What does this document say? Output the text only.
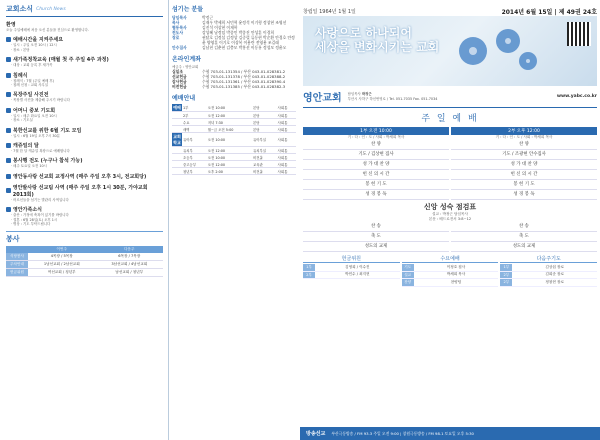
교회소식 Church News
환영
오늘 주일예배에 처음 오신 분들을 진심으로 환영합니다.
예배시간을 지켜주세요

· 일시 : 주일 오전 10시 / 12시

· 장소 : 본당

새가족정착교육 (매월 첫 주 주일 4주 과정)

· 대상 : 교회 등록 후 새가족

침례식

· 침례식 : 7월 (주일 예배 후)

· 침례 신청 : 교회 사무실

목장주일 사진전

· 목장별 사진을 제출해 주시기 바랍니다

어머니 중보 기도회

· 일시 : 매주 화요일 오전 10시

· 장소 : 기도실

북한선교를 위한 6월 기도 모임

· 일시 : 6월 19일 오후 7시 30분

캐쥬얼의 달

· 7월 한 달 캐쥬얼 복장으로 예배합니다

봉사행 전도 (누구나 참석 가능)

· 매주 토요일 오전 10시

영안동사랑 선교회 교정사역 (매주 주일 오후 3시, 전교회당)
영안발사랑 선교팀 사역 (매주 주일 오후 1시 30분, 가야교회 2013회)

· 어르신들을 섬기는 발관리 사역입니다

영안가족소식

· 출산 : 가정에 축복이 있기를 바랍니다

· 결혼 : 6월 28일(토) 오후 1시

· 병상 : 기도 부탁드립니다

봉사
	이번주	다음주
식당봉사	4목장 / 5목장	6목장 / 7목장
주차안내	1남선교회 / 2남선교회	3남선교회 / 4남선교회
헌금위원	여선교회 / 청년부	남선교회 / 청년부
섬기는 분들
담임목사	박정근
목사	김재우 박세희 서민혁 윤정석 이기형 정창현 조영선
협동목사	김진석 이상현 이재학
전도사	강성혜 남정임 박종인 박종진 안성훈 이경희
장로	권달호 김정섭 김정상 김중렬 류동현 박순환 안경호 안정윤 양영훈 이기호 이상복 이용란 전영용 조길래
안수집사	김남천 김춘현 김충모 박홍선 이동룡 정성모 정윤오
온라인계좌
예금주 : 영안교회
십일조	수협 703-01-131354 / 부산 043-01-028381-2
선교헌금	수협 703-01-131378 / 부산 043-01-028388-2
감사헌금	수협 703-01-131361 / 부산 043-01-028390-4
비전헌금	수협 703-01-131385 / 부산 043-01-028382-3
예배안내
예배	1부	오전 10:00	본당	사회통
	2부	오전 12:00	본당	사회통
	수요	저녁 7:30	본당	사회통
	새벽	월~금 오전 5:00	본당	사회통
교회학교	유아부	오전 10:00	유아부실	사회통
	유치부	오전 12:00	유치부실	사회통
	초등부	오전 10:00	비전홀	사회통
	중고등부	오전 12:00	교육관	사회통
	청년부	오후 2:00	비전홀	사회통
창립일 1964년 1월 1일	2014년 6월 15일 | 제 49권 24호
사랑으로 하나되어
세상을 변화시키는 교회
영안교회 담임목사 박정근
부산시 사하구 하신번영로 / Tel. 051-7035 Fax. 051-7034	www.yabc.co.kr
주 일 예 배
1부 오전 10:00	2부 오후 12:00
기 : 다 : 인 : 도 / 사회 : 박세희 목사	기 : 다 : 인 : 도 / 사회 : 박세희 목사
찬 양	찬 양
기도 / 김상현 집사	기도 / 조광현 안수집사
성 가 대 찬 양	성 가 대 찬 양
헌 신 의 시 간	헌 신 의 시 간
봉 헌 기 도	봉 헌 기 도
성 경 봉 독	성 경 봉 독
신앙 성숙 점검표
설교 : 박정근 담임목사
본문 : 베드로전서 3:8~12
찬 송	찬 송
축 도	축 도
성도의 교제	성도의 교제
헌금위원
1부	김영희 / 이수진
2부	박민수 / 최지현
수요예배
기도	이정호 집사
설교	박세희 목사
찬양	찬양팀
다음주기도
1부	김상섭 장로
2부	김희준 장로
2부	정창현 장로
방송선교 부산극동방송 / FM 93.3 주일 오전 9:00 | 창원극동방송 / FM 98.1 토요일 오후 5:30
